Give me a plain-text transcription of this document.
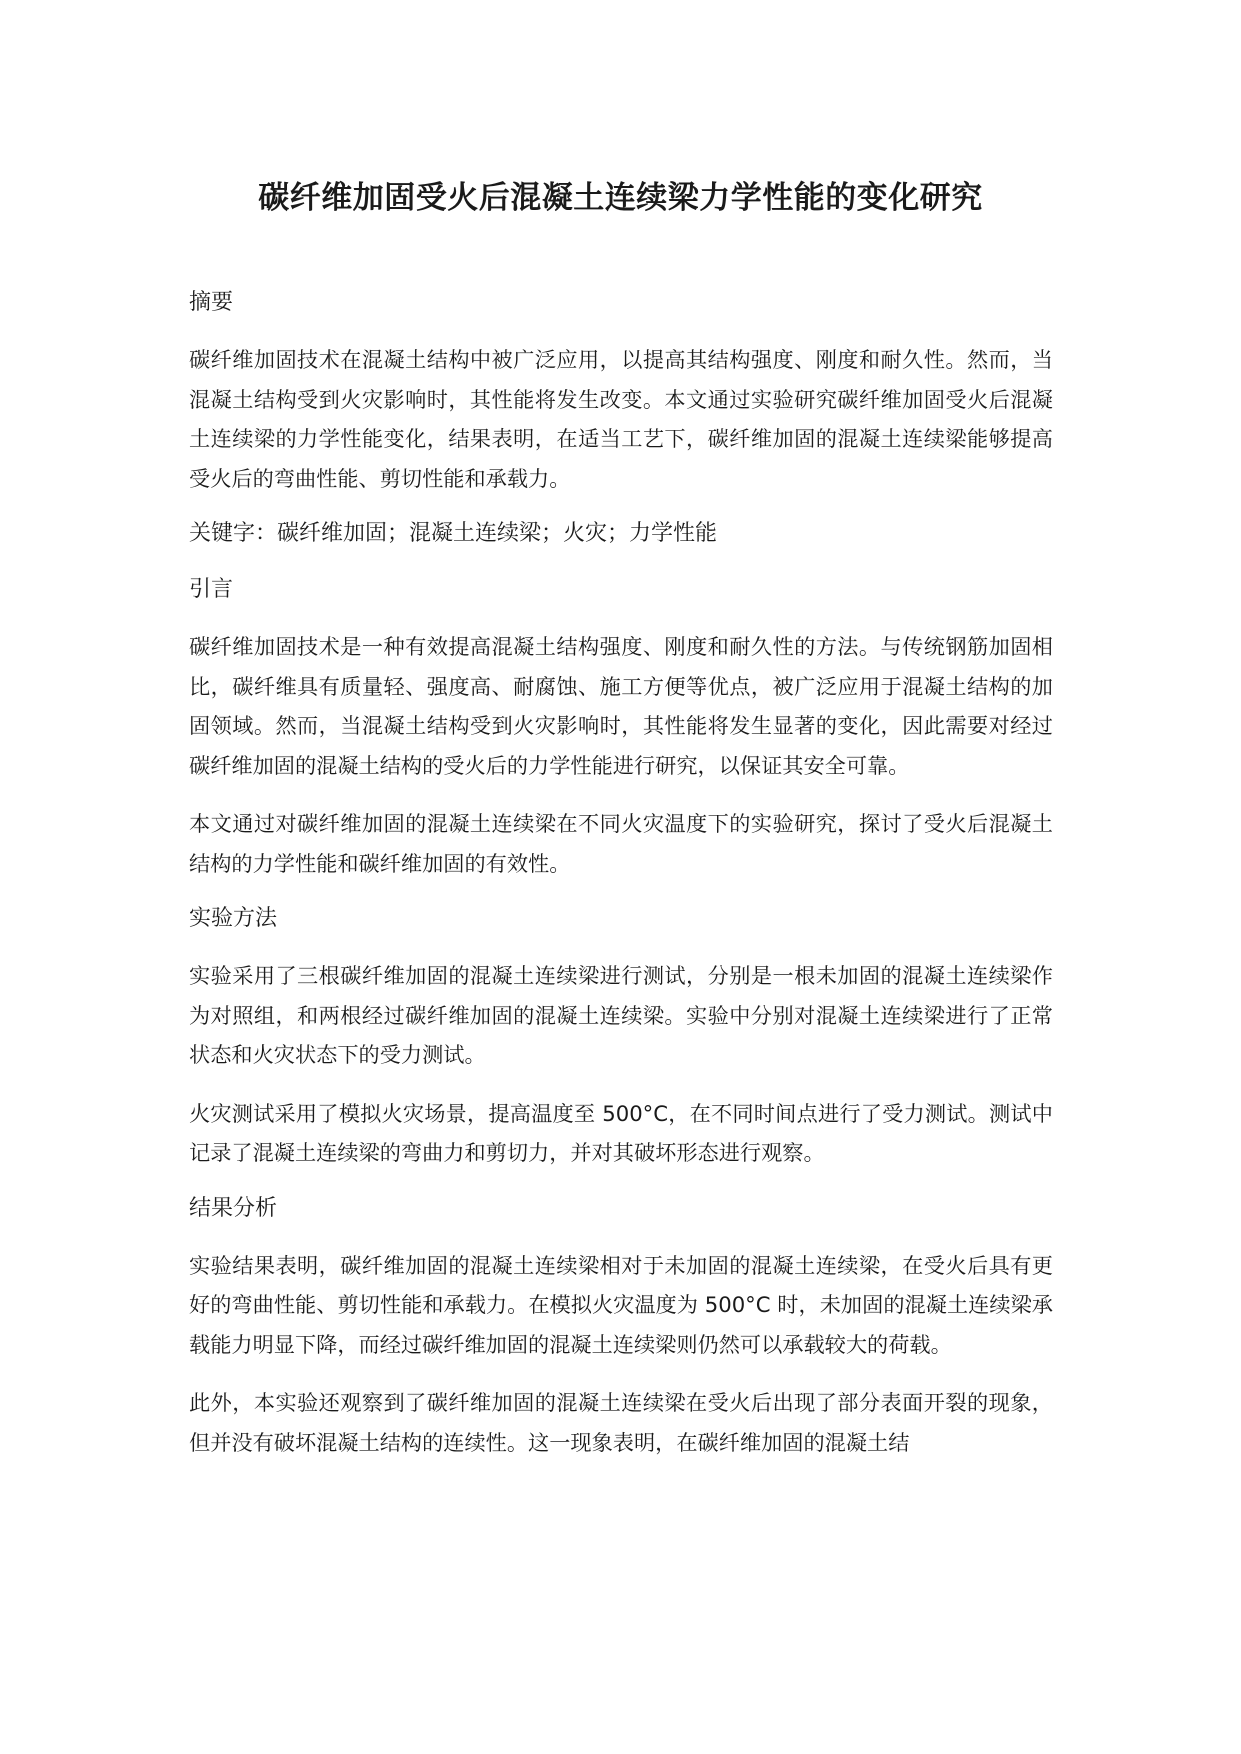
碳纤维加固受火后混凝土连续梁力学性能的变化研究

摘要

碳纤维加固技术在混凝土结构中被广泛应用，以提高其结构强度、刚度和耐久性。然而，当混凝土结构受到火灾影响时，其性能将发生改变。本文通过实验研究碳纤维加固受火后混凝土连续梁的力学性能变化，结果表明，在适当工艺下，碳纤维加固的混凝土连续梁能够提高受火后的弯曲性能、剪切性能和承载力。

关键字：碳纤维加固；混凝土连续梁；火灾；力学性能

引言

碳纤维加固技术是一种有效提高混凝土结构强度、刚度和耐久性的方法。与传统钢筋加固相比，碳纤维具有质量轻、强度高、耐腐蚀、施工方便等优点，被广泛应用于混凝土结构的加固领域。然而，当混凝土结构受到火灾影响时，其性能将发生显著的变化，因此需要对经过碳纤维加固的混凝土结构的受火后的力学性能进行研究，以保证其安全可靠。

本文通过对碳纤维加固的混凝土连续梁在不同火灾温度下的实验研究，探讨了受火后混凝土结构的力学性能和碳纤维加固的有效性。

实验方法

实验采用了三根碳纤维加固的混凝土连续梁进行测试，分别是一根未加固的混凝土连续梁作为对照组，和两根经过碳纤维加固的混凝土连续梁。实验中分别对混凝土连续梁进行了正常状态和火灾状态下的受力测试。

火灾测试采用了模拟火灾场景，提高温度至 500°C，在不同时间点进行了受力测试。测试中记录了混凝土连续梁的弯曲力和剪切力，并对其破坏形态进行观察。

结果分析

实验结果表明，碳纤维加固的混凝土连续梁相对于未加固的混凝土连续梁，在受火后具有更好的弯曲性能、剪切性能和承载力。在模拟火灾温度为 500°C 时，未加固的混凝土连续梁承载能力明显下降，而经过碳纤维加固的混凝土连续梁则仍然可以承载较大的荷载。

此外，本实验还观察到了碳纤维加固的混凝土连续梁在受火后出现了部分表面开裂的现象，但并没有破坏混凝土结构的连续性。这一现象表明，在碳纤维加固的混凝土结
